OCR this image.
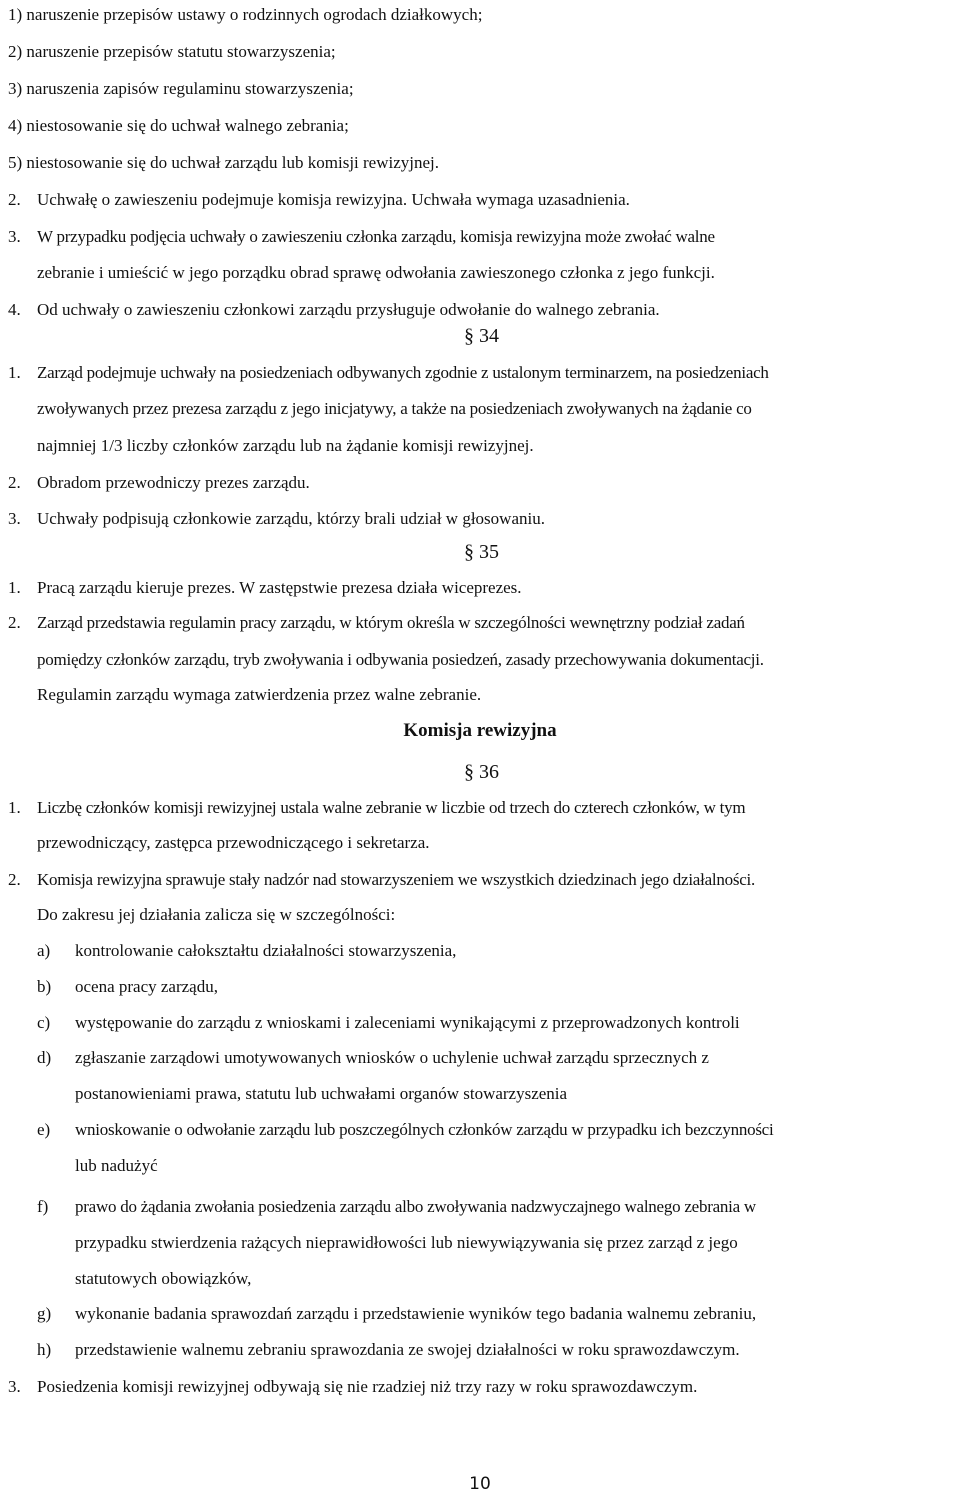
1) naruszenie przepisów ustawy o rodzinnych ogrodach działkowych;
2) naruszenie przepisów statutu stowarzyszenia;
3) naruszenia zapisów regulaminu stowarzyszenia;
4) niestosowanie się do uchwał walnego zebrania;
5) niestosowanie się do uchwał zarządu lub komisji rewizyjnej.
2. Uchwałę o zawieszeniu podejmuje komisja rewizyjna. Uchwała wymaga uzasadnienia.
3. W przypadku podjęcia uchwały o zawieszeniu członka zarządu, komisja rewizyjna może zwołać walne
zebranie i umieścić w jego porządku obrad sprawę odwołania zawieszonego członka z jego funkcji.
4. Od uchwały o zawieszeniu członkowi zarządu przysługuje odwołanie do walnego zebrania.
§ 34
1. Zarząd podejmuje uchwały na posiedzeniach odbywanych zgodnie z ustalonym terminarzem, na posiedzeniach
zwoływanych przez prezesa zarządu z jego inicjatywy, a także na posiedzeniach zwoływanych na żądanie co
najmniej 1/3 liczby członków zarządu lub na żądanie komisji rewizyjnej.
2. Obradom przewodniczy prezes zarządu.
3. Uchwały podpisują członkowie zarządu, którzy brali udział w głosowaniu.
§ 35
1. Pracą zarządu kieruje prezes. W zastępstwie prezesa działa wiceprezes.
2. Zarząd przedstawia regulamin pracy zarządu, w którym określa w szczególności wewnętrzny podział zadań
pomiędzy członków zarządu, tryb zwoływania i odbywania posiedzeń, zasady przechowywania dokumentacji.
Regulamin zarządu wymaga zatwierdzenia przez walne zebranie.
Komisja rewizyjna
§ 36
1. Liczbę członków komisji rewizyjnej ustala walne zebranie w liczbie od trzech do czterech członków, w tym
przewodniczący, zastępca przewodniczącego i sekretarza.
2. Komisja rewizyjna sprawuje stały nadzór nad stowarzyszeniem we wszystkich dziedzinach jego działalności.
Do zakresu jej działania zalicza się w szczególności:
a) kontrolowanie całokształtu działalności stowarzyszenia,
b) ocena pracy zarządu,
c) występowanie do zarządu z wnioskami i zaleceniami wynikającymi z przeprowadzonych kontroli
d) zgłaszanie zarządowi umotywowanych wniosków o uchylenie uchwał zarządu sprzecznych z
postanowieniami prawa, statutu lub uchwałami organów stowarzyszenia
e) wnioskowanie o odwołanie zarządu lub poszczególnych członków zarządu w przypadku ich bezczynności
lub nadużyć
f) prawo do żądania zwołania posiedzenia zarządu albo zwoływania nadzwyczajnego walnego zebrania w
przypadku stwierdzenia rażących nieprawidłowości lub niewywiązywania się przez zarząd z jego
statutowych obowiązków,
g) wykonanie badania sprawozdań zarządu i przedstawienie wyników tego badania walnemu zebraniu,
h) przedstawienie walnemu zebraniu sprawozdania ze swojej działalności w roku sprawozdawczym.
3. Posiedzenia komisji rewizyjnej odbywają się nie rzadziej niż trzy razy w roku sprawozdawczym.
10
